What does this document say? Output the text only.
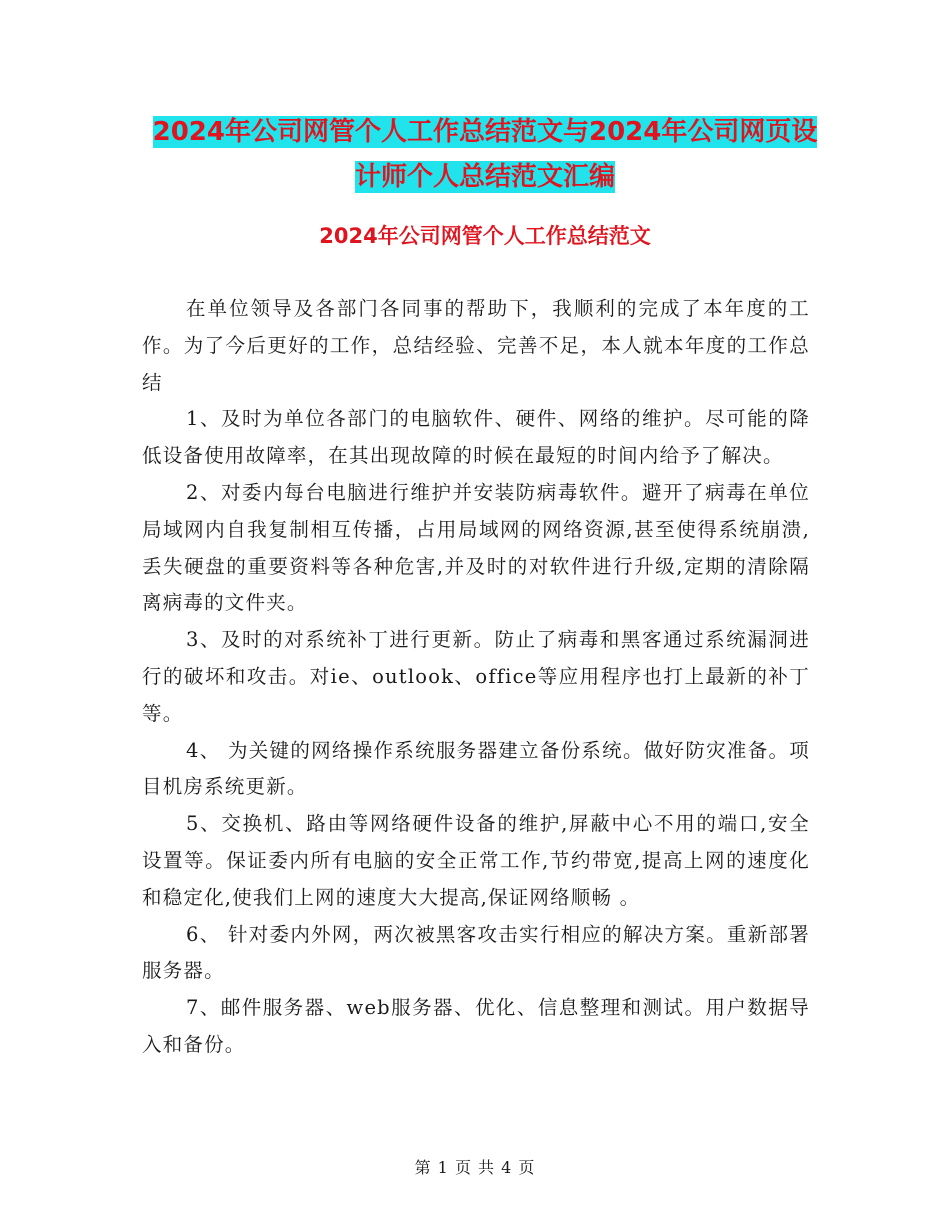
2024年公司网管个人工作总结范文与2024年公司网页设计师个人总结范文汇编
2024年公司网管个人工作总结范文

在单位领导及各部门各同事的帮助下，我顺利的完成了本年度的工作。为了今后更好的工作，总结经验、完善不足，本人就本年度的工作总结

1、及时为单位各部门的电脑软件、硬件、网络的维护。尽可能的降低设备使用故障率，在其出现故障的时候在最短的时间内给予了解决。

2、对委内每台电脑进行维护并安装防病毒软件。避开了病毒在单位局域网内自我复制相互传播，占用局域网的网络资源,甚至使得系统崩溃,丢失硬盘的重要资料等各种危害,并及时的对软件进行升级,定期的清除隔离病毒的文件夹。

3、及时的对系统补丁进行更新。防止了病毒和黑客通过系统漏洞进行的破坏和攻击。对ie、outlook、office等应用程序也打上最新的补丁等。

4、 为关键的网络操作系统服务器建立备份系统。做好防灾准备。项目机房系统更新。

5、交换机、路由等网络硬件设备的维护,屏蔽中心不用的端口,安全设置等。保证委内所有电脑的安全正常工作,节约带宽,提高上网的速度化和稳定化,使我们上网的速度大大提高,保证网络顺畅 。

6、 针对委内外网，两次被黑客攻击实行相应的解决方案。重新部署服务器。

7、邮件服务器、web服务器、优化、信息整理和测试。用户数据导入和备份。

第 1 页 共 4 页
